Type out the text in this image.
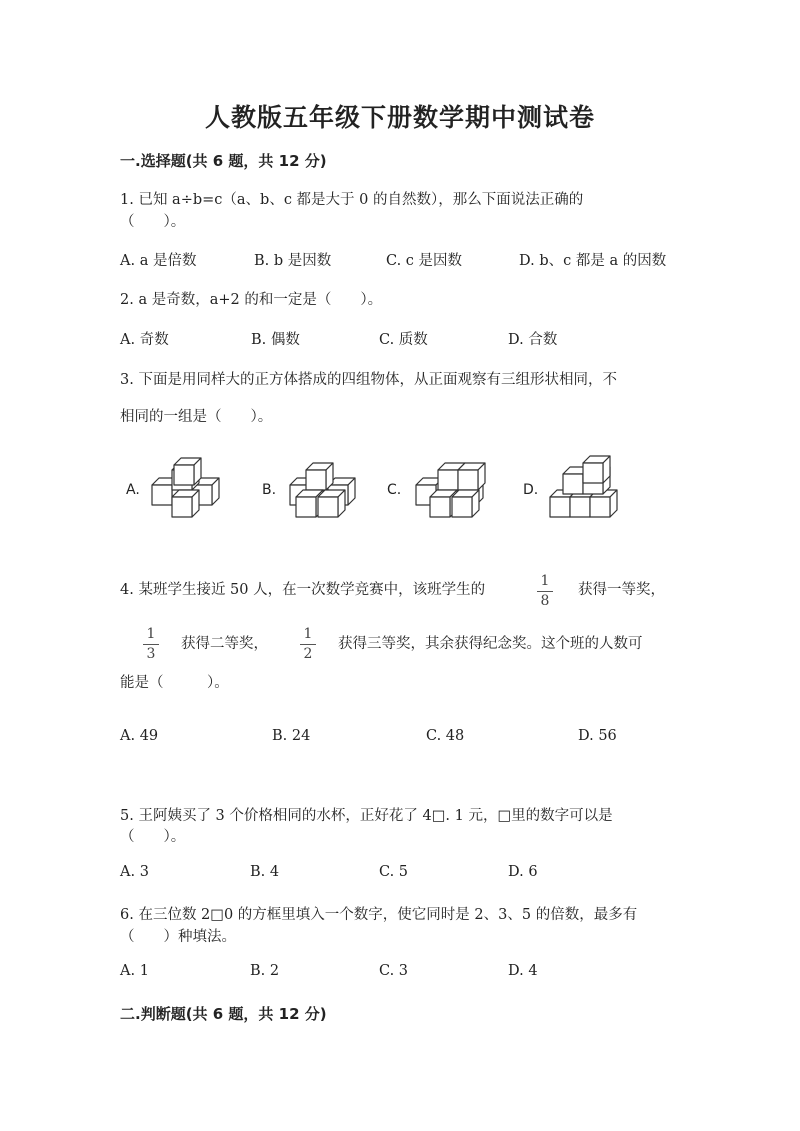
人教版五年级下册数学期中测试卷
一.选择题(共 6 题，共 12 分)
1. 已知 a÷b=c（a、b、c 都是大于 0 的自然数），那么下面说法正确的
（　　）。
A. a 是倍数	B. b 是因数	C. c 是因数	D. b、c 都是 a 的因数
2. a 是奇数，a+2 的和一定是（　　）。
A. 奇数	B. 偶数	C. 质数	D. 合数
3. 下面是用同样大的正方体搭成的四组物体，从正面观察有三组形状相同，不
相同的一组是（　　）。
A.	B.	C.	D.
4. 某班学生接近 50 人，在一次数学竞赛中，该班学生的
1
8
获得一等奖，
1
3
获得二等奖，
1
2
获得三等奖，其余获得纪念奖。这个班的人数可
能是（　　　）。
A. 49	B. 24	C. 48	D. 56
5. 王阿姨买了 3 个价格相同的水杯，正好花了 4□. 1 元，□里的数字可以是
（　　）。
A. 3	B. 4	C. 5	D. 6
6. 在三位数 2□0 的方框里填入一个数字，使它同时是 2、3、5 的倍数，最多有
（　　）种填法。
A. 1	B. 2	C. 3	D. 4
二.判断题(共 6 题，共 12 分)
